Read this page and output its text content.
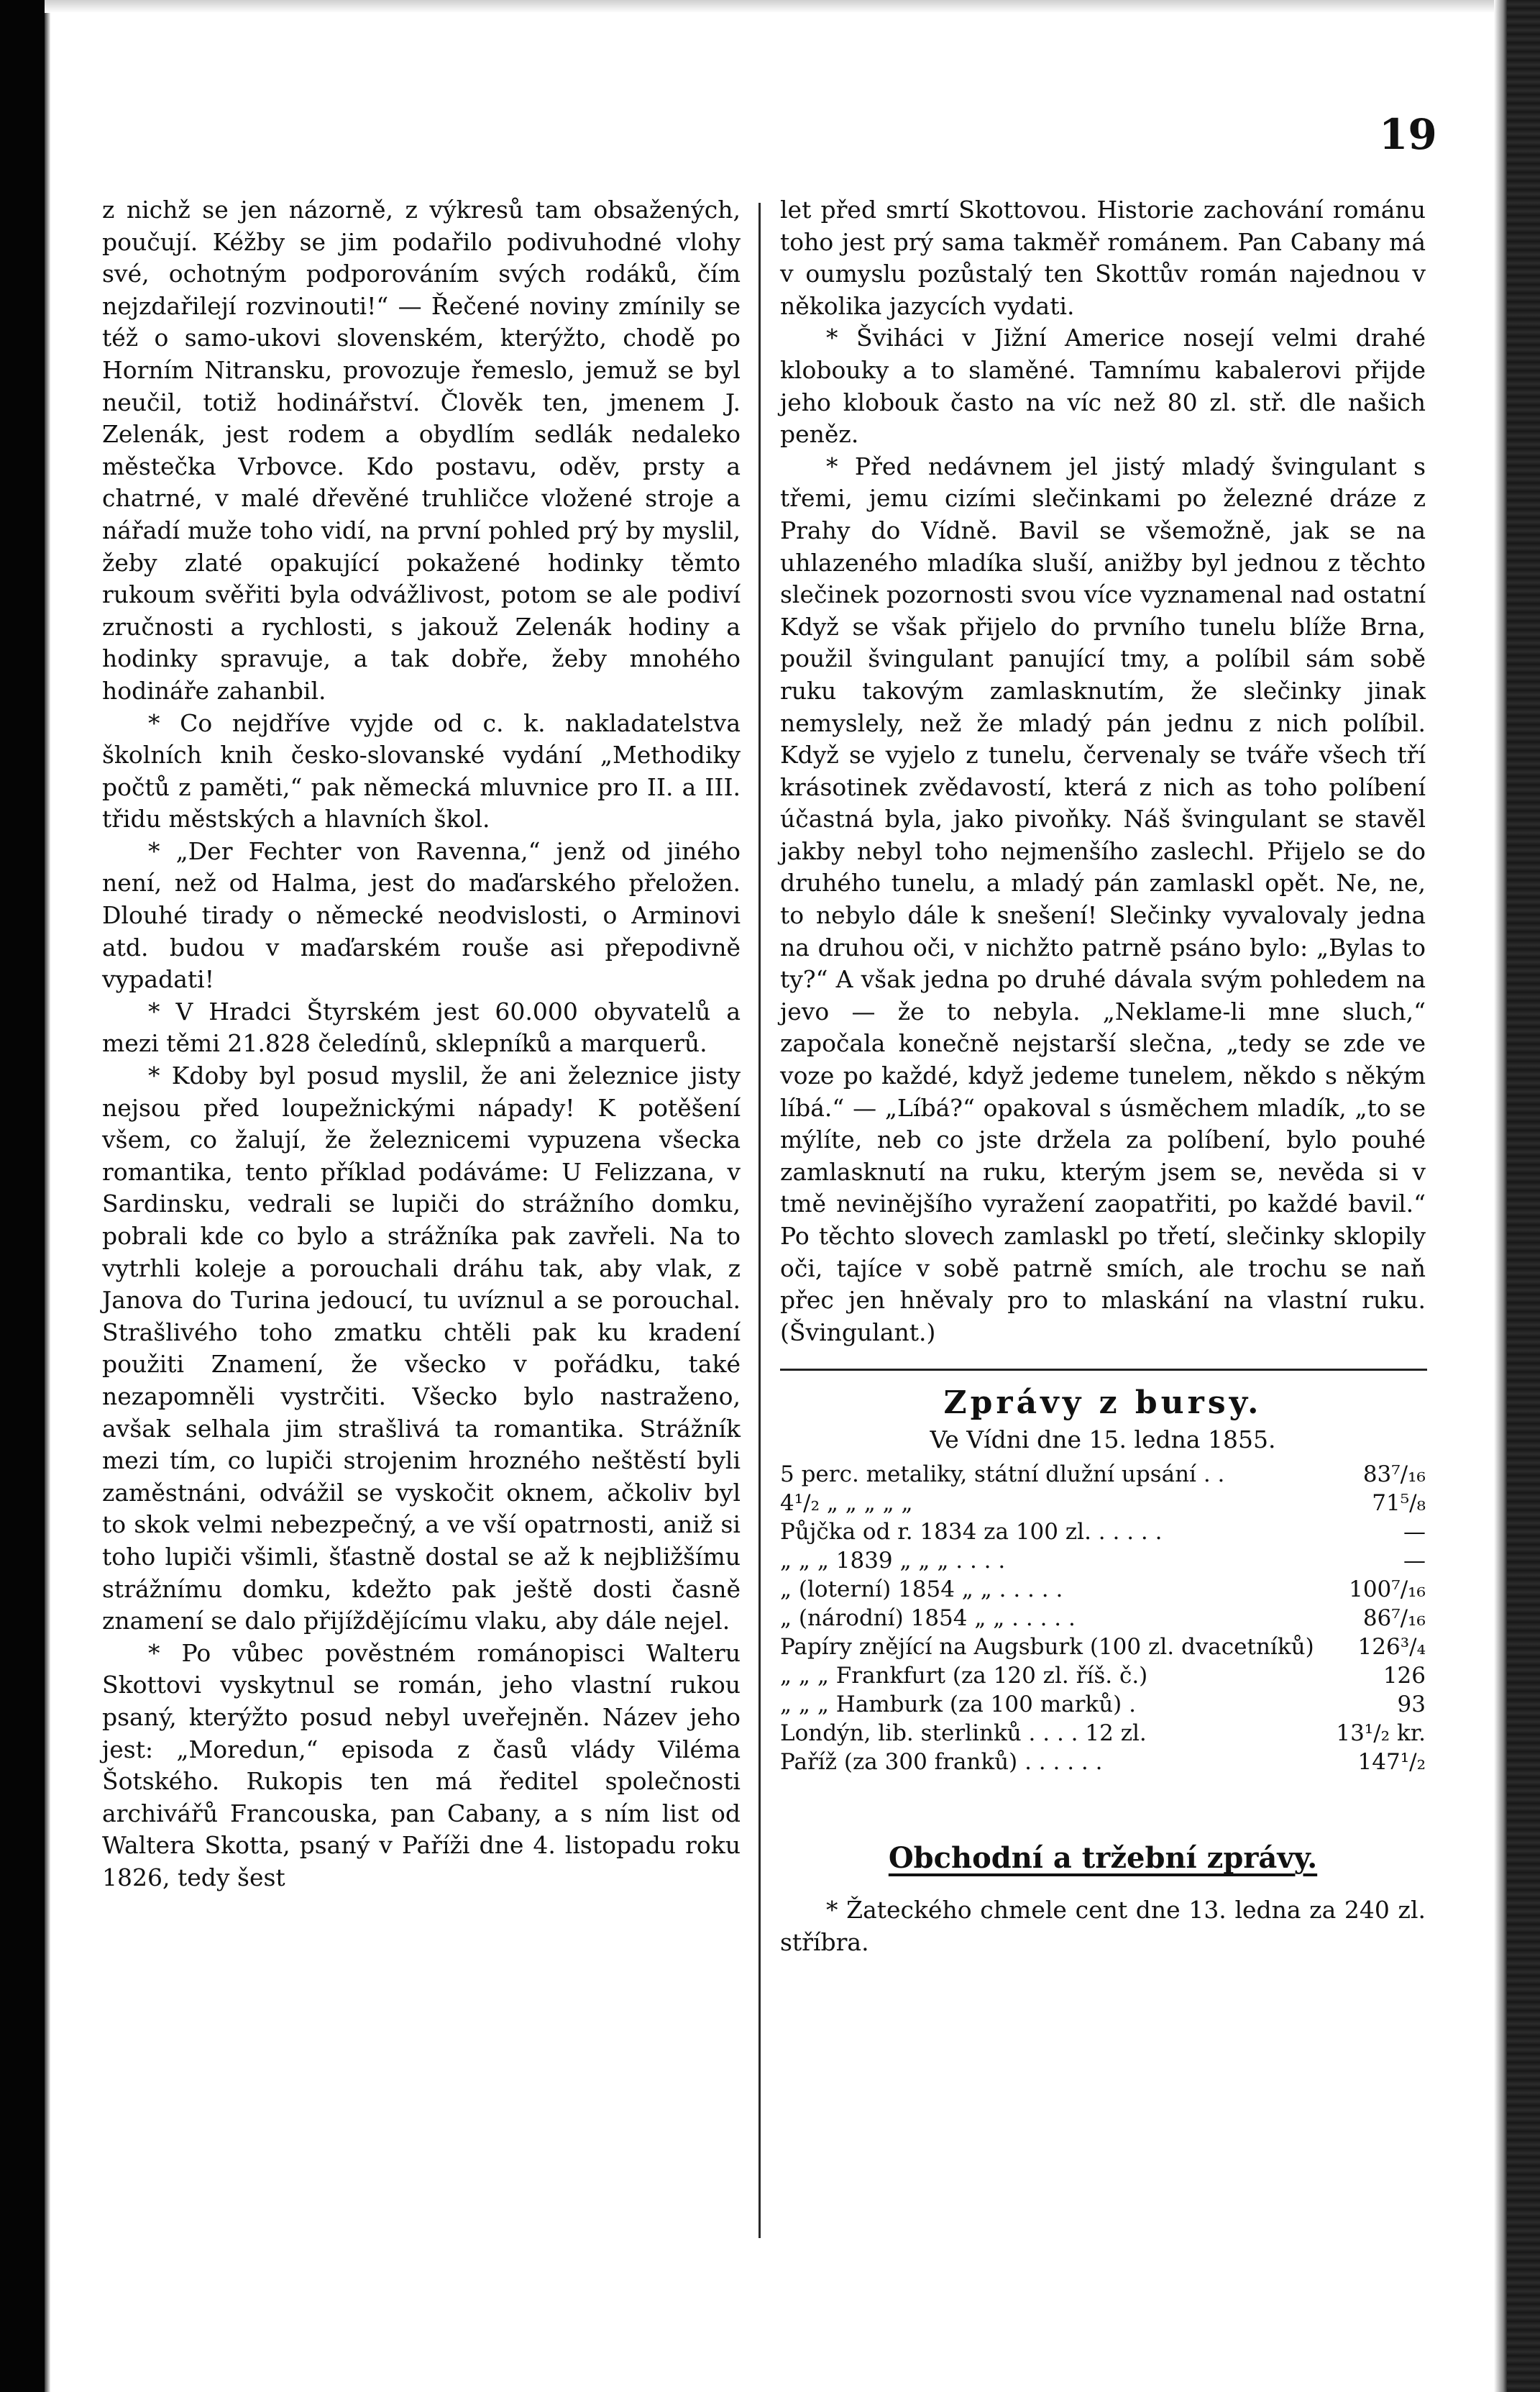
19

z nichž se jen názorně, z výkresů tam obsažených, poučují. Kéžby se jim podařilo podivuhodné vlohy své, ochotným podporováním svých rodáků, čím nejzdařilejí rozvinouti!“ — Řečené noviny zmínily se též o samo-ukovi slovenském, kterýžto, chodě po Horním Nitransku, provozuje řemeslo, jemuž se byl neučil, totiž hodinářství. Člověk ten, jmenem J. Zelenák, jest rodem a obydlím sedlák nedaleko městečka Vrbovce. Kdo postavu, oděv, prsty a chatrné, v malé dřevěné truhličce vložené stroje a nářadí muže toho vidí, na první pohled prý by myslil, žeby zlaté opakující pokažené hodinky těmto rukoum svěřiti byla odvážlivost, potom se ale podiví zručnosti a rychlosti, s jakouž Zelenák hodiny a hodinky spravuje, a tak dobře, žeby mnohého hodináře zahanbil.

* Co nejdříve vyjde od c. k. nakladatelstva školních knih česko-slovanské vydání „Methodiky počtů z paměti,“ pak německá mluvnice pro II. a III. třidu městských a hlavních škol.

* „Der Fechter von Ravenna,“ jenž od jiného není, než od Halma, jest do maďarského přeložen. Dlouhé tirady o německé neodvislosti, o Arminovi atd. budou v maďarském rouše asi přepodivně vypadati!

* V Hradci Štyrském jest 60.000 obyvatelů a mezi těmi 21.828 čeledínů, sklepníků a marquerů.

* Kdoby byl posud myslil, že ani železnice jisty nejsou před loupežnickými nápady! K potěšení všem, co žalují, že železnicemi vypuzena všecka romantika, tento příklad podáváme: U Felizzana, v Sardinsku, vedrali se lupiči do strážního domku, pobrali kde co bylo a strážníka pak zavřeli. Na to vytrhli koleje a porouchali dráhu tak, aby vlak, z Janova do Turina jedoucí, tu uvíznul a se porouchal. Strašlivého toho zmatku chtěli pak ku kradení použiti Znamení, že všecko v pořádku, také nezapomněli vystrčiti. Všecko bylo nastraženo, avšak selhala jim strašlivá ta romantika. Strážník mezi tím, co lupiči strojenim hrozného neštěstí byli zaměstnáni, odvážil se vyskočit oknem, ačkoliv byl to skok velmi nebezpečný, a ve vší opatrnosti, aniž si toho lupiči všimli, šťastně dostal se až k nejbližšímu strážnímu domku, kdežto pak ještě dosti časně znamení se dalo přijíždějícímu vlaku, aby dále nejel.

* Po vůbec pověstném románopisci Walteru Skottovi vyskytnul se román, jeho vlastní rukou psaný, kterýžto posud nebyl uveřejněn. Název jeho jest: „Moredun,“ episoda z časů vlády Viléma Šotského. Rukopis ten má ředitel společnosti archivářů Francouska, pan Cabany, a s ním list od Waltera Skotta, psaný v Paříži dne 4. listopadu roku 1826, tedy šest

let před smrtí Skottovou. Historie zachování románu toho jest prý sama takměř románem. Pan Cabany má v oumyslu pozůstalý ten Skottův román najednou v několika jazycích vydati.

* Šviháci v Jižní Americe nosejí velmi drahé klobouky a to slaměné. Tamnímu kabalerovi přijde jeho klobouk často na víc než 80 zl. stř. dle našich peněz.

* Před nedávnem jel jistý mladý švingulant s třemi, jemu cizími slečinkami po železné dráze z Prahy do Vídně. Bavil se všemožně, jak se na uhlazeného mladíka sluší, anižby byl jednou z těchto slečinek pozornosti svou více vyznamenal nad ostatní Když se však přijelo do prvního tunelu blíže Brna, použil švingulant panující tmy, a políbil sám sobě ruku takovým zamlasknutím, že slečinky jinak nemyslely, než že mladý pán jednu z nich políbil. Když se vyjelo z tunelu, červenaly se tváře všech tří krásotinek zvědavostí, která z nich as toho políbení účastná byla, jako pivoňky. Náš švingulant se stavěl jakby nebyl toho nejmenšího zaslechl. Přijelo se do druhého tunelu, a mladý pán zamlaskl opět. Ne, ne, to nebylo dále k snešení! Slečinky vyvalovaly jedna na druhou oči, v nichžto patrně psáno bylo: „Bylas to ty?“ A však jedna po druhé dávala svým pohledem na jevo — že to nebyla. „Neklame-li mne sluch,“ započala konečně nejstarší slečna, „tedy se zde ve voze po každé, když jedeme tunelem, někdo s někým líbá.“ — „Líbá?“ opakoval s úsměchem mladík, „to se mýlíte, neb co jste držela za políbení, bylo pouhé zamlasknutí na ruku, kterým jsem se, nevěda si v tmě nevinějšího vyražení zaopatřiti, po každé bavil.“ Po těchto slovech zamlaskl po třetí, slečinky sklopily oči, tajíce v sobě patrně smích, ale trochu se naň přec jen hněvaly pro to mlaskání na vlastní ruku. (Švingulant.)

Zprávy z bursy.
Ve Vídni dne 15. ledna 1855.
5 perc. metaliky, státní dlužní upsání . .	83⁷/₁₆
4¹/₂ „ „ „ „ „	71⁵/₈
Půjčka od r. 1834 za 100 zl. . . . . .	—
„ „ „ 1839 „ „ „ . . . .	—
„ (loterní) 1854 „ „ . . . . .	100⁷/₁₆
„ (národní) 1854 „ „ . . . . .	86⁷/₁₆
Papíry znějící na Augsburk (100 zl. dvacetníků)	126³/₄
„ „ „ Frankfurt (za 120 zl. říš. č.)	126
„ „ „ Hamburk (za 100 marků) .	93
Londýn, lib. sterlinků . . . . 12 zl.	13¹/₂ kr.
Paříž (za 300 franků) . . . . . .	147¹/₂
Obchodní a tržební zprávy.

* Žateckého chmele cent dne 13. ledna za 240 zl. stříbra.
